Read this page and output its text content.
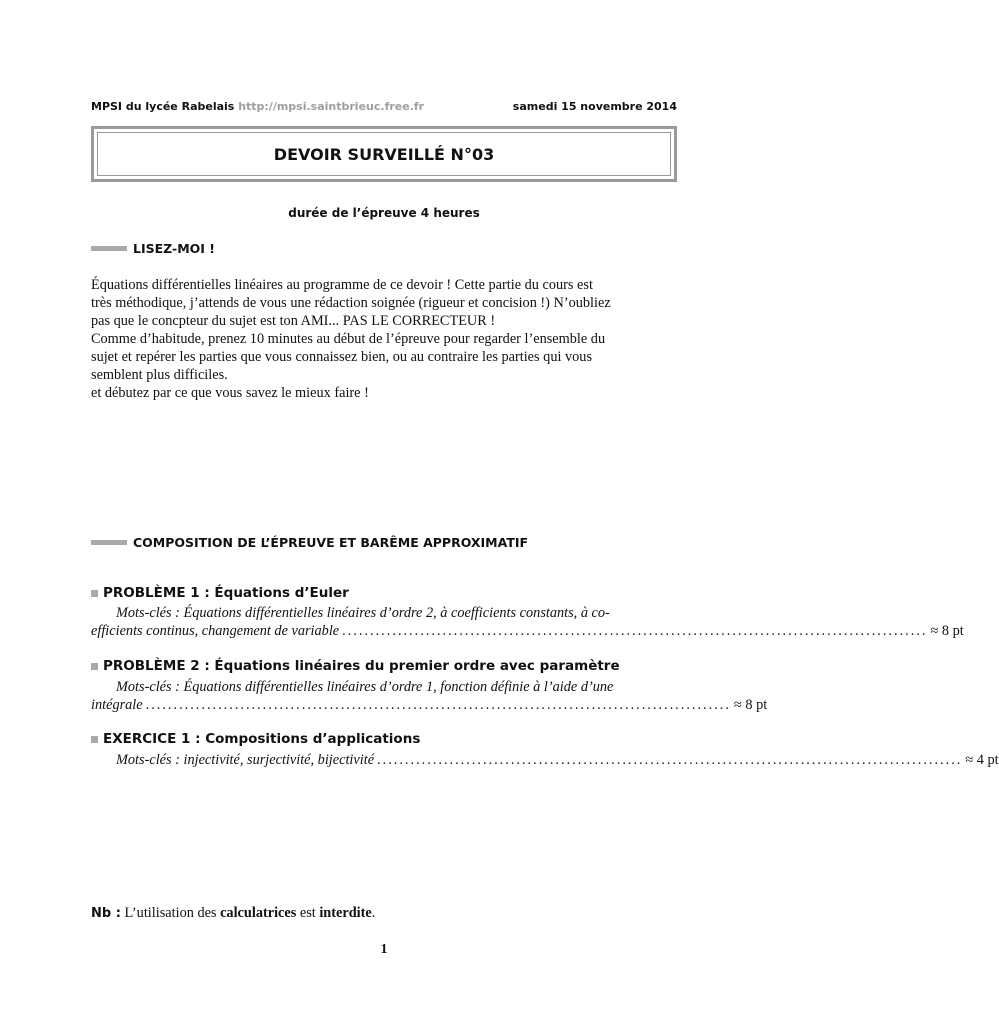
MPSI du lycée Rabelais http://mpsi.saintbrieuc.free.fr	samedi 15 novembre 2014
DEVOIR SURVEILLÉ N°03
durée de l’épreuve 4 heures
LISEZ-MOI !

Équations différentielles linéaires au programme de ce devoir ! Cette partie du cours est

très méthodique, j’attends de vous une rédaction soignée (rigueur et concision !) N’oubliez

pas que le concpteur du sujet est ton AMI... PAS LE CORRECTEUR !

Comme d’habitude, prenez 10 minutes au début de l’épreuve pour regarder l’ensemble du

sujet et repérer les parties que vous connaissez bien, ou au contraire les parties qui vous

semblent plus difficiles.

et débutez par ce que vous savez le mieux faire !

COMPOSITION DE L’ÉPREUVE ET BARÊME APPROXIMATIF
PROBLÈME 1 : Équations d’Euler
Mots-clés : Équations différentielles linéaires d’ordre 2, à coefficients constants, à co-
efficients continus, changement de variable ......................................................................................................... ≈ 8 pt
PROBLÈME 2 : Équations linéaires du premier ordre avec paramètre
Mots-clés : Équations différentielles linéaires d’ordre 1, fonction définie à l’aide d’une
intégrale ......................................................................................................... ≈ 8 pt
EXERCICE 1 : Compositions d’applications
Mots-clés : injectivité, surjectivité, bijectivité ......................................................................................................... ≈ 4 pt
Nb : L’utilisation des calculatrices est interdite.
1
